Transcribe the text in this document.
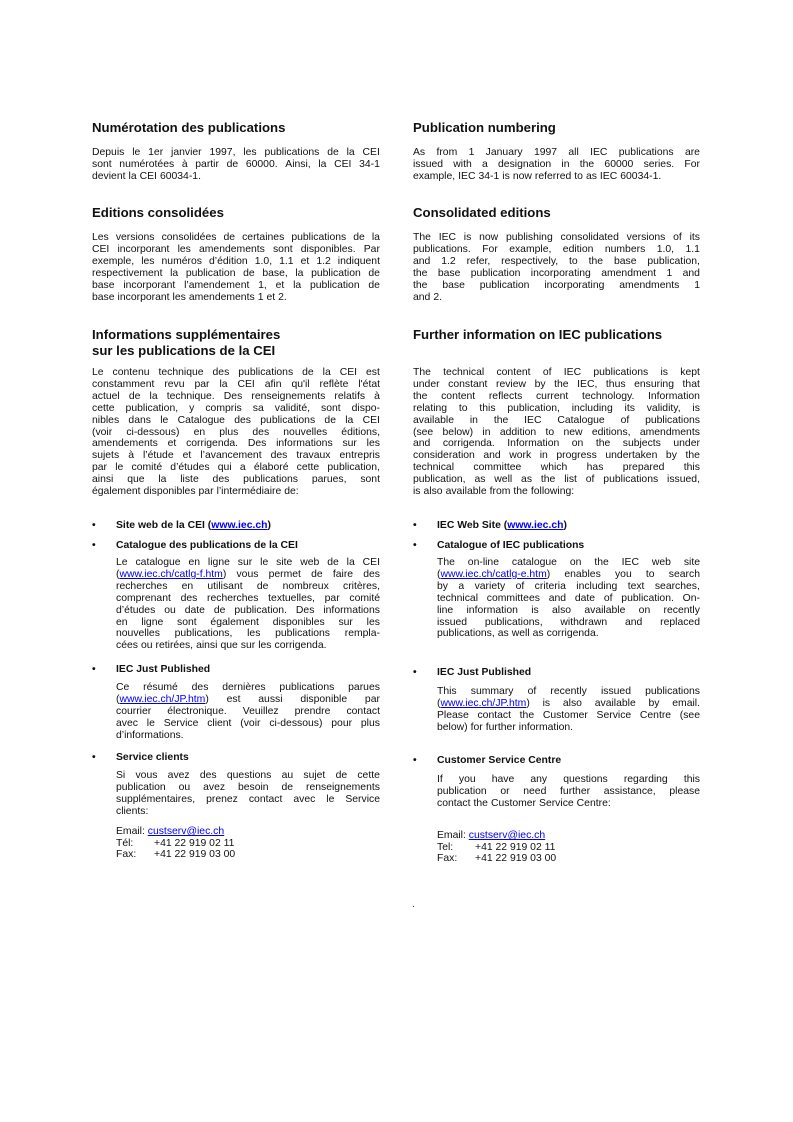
Numérotation des publications
Depuis le 1er janvier 1997, les publications de la CEI
sont numérotées à partir de 60000. Ainsi, la CEI 34-1
devient la CEI 60034-1.
Editions consolidées
Les versions consolidées de certaines publications de la
CEI incorporant les amendements sont disponibles. Par
exemple, les numéros d’édition 1.0, 1.1 et 1.2 indiquent
respectivement la publication de base, la publication de
base incorporant l’amendement 1, et la publication de
base incorporant les amendements 1 et 2.
Informations supplémentaires
sur les publications de la CEI
Le contenu technique des publications de la CEI est
constamment revu par la CEI afin qu'il reflète l'état
actuel de la technique. Des renseignements relatifs à
cette publication, y compris sa validité, sont dispo-
nibles dans le Catalogue des publications de la CEI
(voir ci-dessous) en plus des nouvelles éditions,
amendements et corrigenda. Des informations sur les
sujets à l’étude et l’avancement des travaux entrepris
par le comité d’études qui a élaboré cette publication,
ainsi que la liste des publications parues, sont
également disponibles par l’intermédiaire de:
• Site web de la CEI (www.iec.ch)
• Catalogue des publications de la CEI
Le catalogue en ligne sur le site web de la CEI
(www.iec.ch/catlg-f.htm) vous permet de faire des
recherches en utilisant de nombreux critères,
comprenant des recherches textuelles, par comité
d’études ou date de publication. Des informations
en ligne sont également disponibles sur les
nouvelles publications, les publications rempla-
cées ou retirées, ainsi que sur les corrigenda.
• IEC Just Published
Ce résumé des dernières publications parues
(www.iec.ch/JP.htm) est aussi disponible par
courrier électronique. Veuillez prendre contact
avec le Service client (voir ci-dessous) pour plus
d’informations.
• Service clients
Si vous avez des questions au sujet de cette
publication ou avez besoin de renseignements
supplémentaires, prenez contact avec le Service
clients:
Email: custserv@iec.ch
Tél: +41 22 919 02 11
Fax: +41 22 919 03 00
Publication numbering
As from 1 January 1997 all IEC publications are
issued with a designation in the 60000 series. For
example, IEC 34-1 is now referred to as IEC 60034-1.
Consolidated editions
The IEC is now publishing consolidated versions of its
publications. For example, edition numbers 1.0, 1.1
and 1.2 refer, respectively, to the base publication,
the base publication incorporating amendment 1 and
the base publication incorporating amendments 1
and 2.
Further information on IEC publications
The technical content of IEC publications is kept
under constant review by the IEC, thus ensuring that
the content reflects current technology. Information
relating to this publication, including its validity, is
available in the IEC Catalogue of publications
(see below) in addition to new editions, amendments
and corrigenda. Information on the subjects under
consideration and work in progress undertaken by the
technical committee which has prepared this
publication, as well as the list of publications issued,
is also available from the following:
• IEC Web Site (www.iec.ch)
• Catalogue of IEC publications
The on-line catalogue on the IEC web site
(www.iec.ch/catlg-e.htm) enables you to search
by a variety of criteria including text searches,
technical committees and date of publication. On-
line information is also available on recently
issued publications, withdrawn and replaced
publications, as well as corrigenda.
• IEC Just Published
This summary of recently issued publications
(www.iec.ch/JP.htm) is also available by email.
Please contact the Customer Service Centre (see
below) for further information.
• Customer Service Centre
If you have any questions regarding this
publication or need further assistance, please
contact the Customer Service Centre:
Email: custserv@iec.ch
Tel: +41 22 919 02 11
Fax: +41 22 919 03 00
.
